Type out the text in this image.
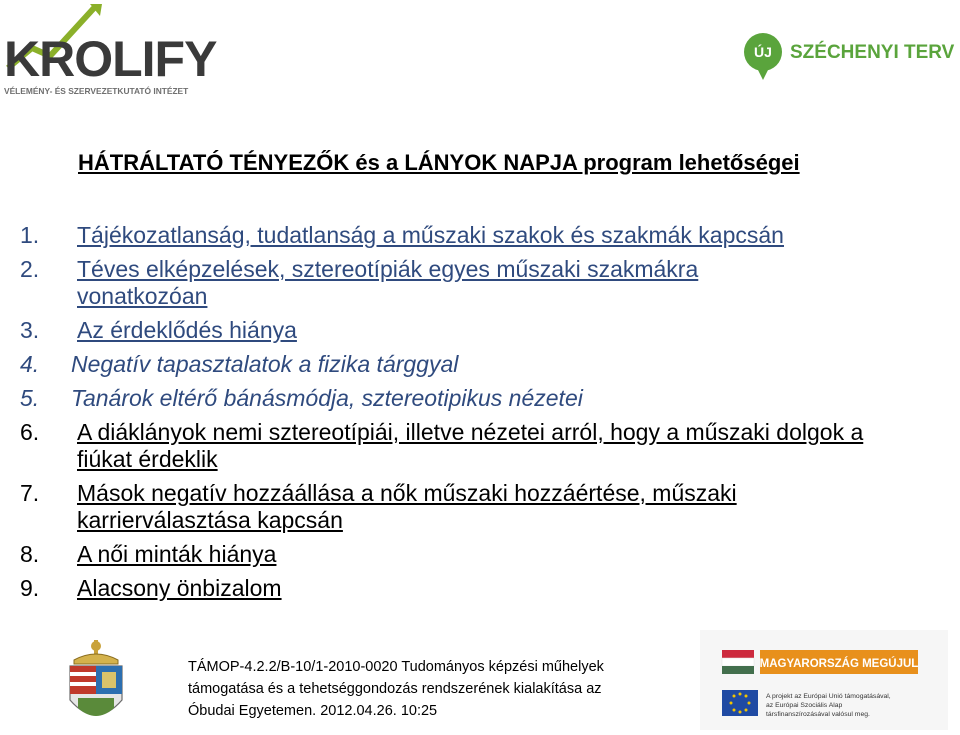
KROLIFY
VÉLEMÉNY- ÉS SZERVEZETKUTATÓ INTÉZET
ÚJ SZÉCHENYI TERV
HÁTRÁLTATÓ TÉNYEZŐK és a LÁNYOK NAPJA program lehetőségei
1.	Tájékozatlanság, tudatlanság a műszaki szakok és szakmák kapcsán
2.	Téves elképzelések, sztereotípiák egyes műszaki szakmákra vonatkozóan
3.	Az érdeklődés hiánya
4.	Negatív tapasztalatok a fizika tárggyal
5.	Tanárok eltérő bánásmódja, sztereotipikus nézetei
6.	A diáklányok nemi sztereotípiái, illetve nézetei arról, hogy a műszaki dolgok a fiúkat érdeklik
7.	Mások negatív hozzáállása a nők műszaki hozzáértése, műszaki karrierválasztása kapcsán
8.	A női minták hiánya
9.	Alacsony önbizalom
TÁMOP-4.2.2/B-10/1-2010-0020 Tudományos képzési műhelyek
támogatása és a tehetséggondozás rendszerének kialakítása az
Óbudai Egyetemen. 2012.04.26. 10:25
MAGYARORSZÁG MEGÚJUL
A projekt az Európai Unió támogatásával,
az Európai Szociális Alap
társfinanszírozásával valósul meg.
